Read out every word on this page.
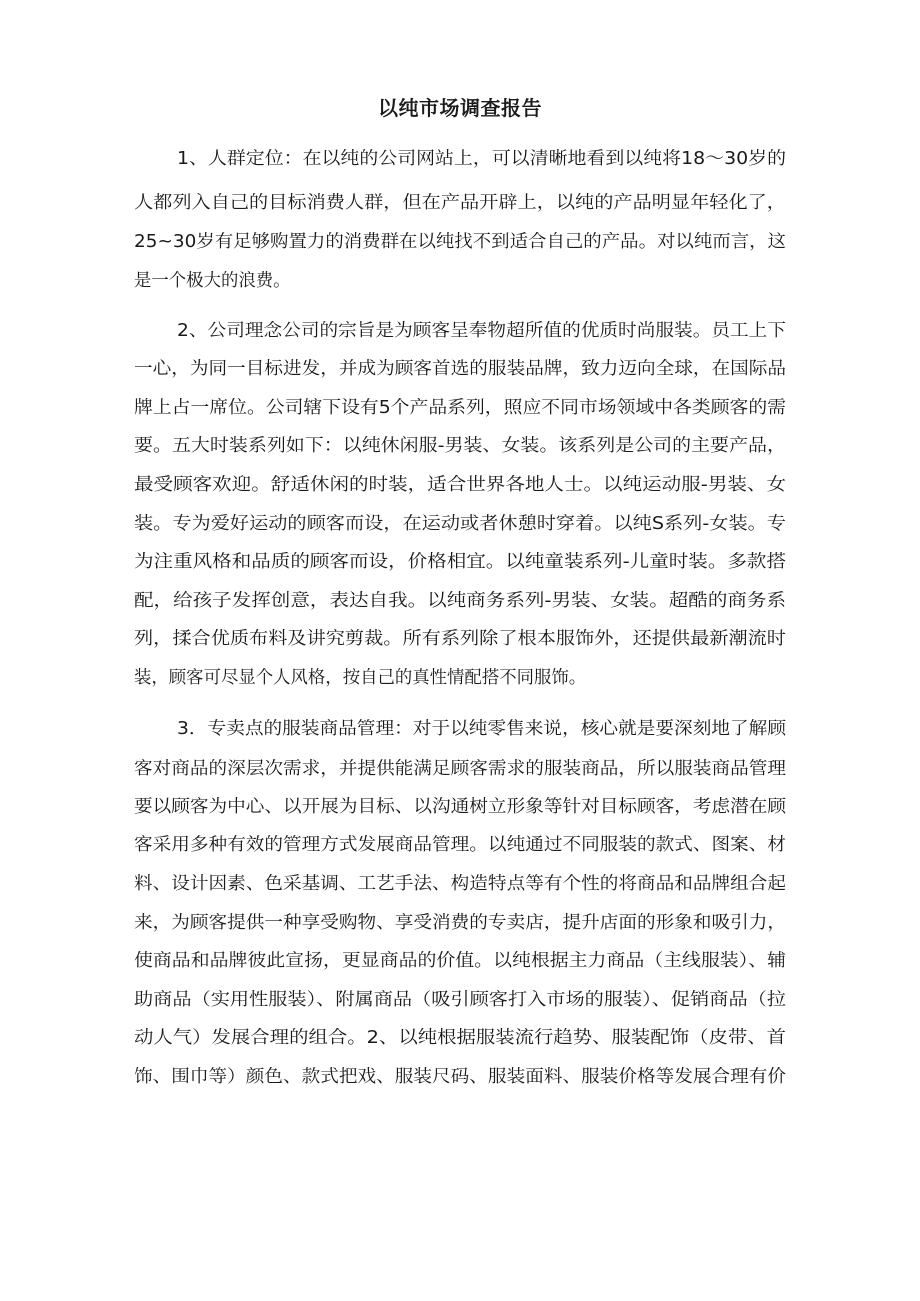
以纯市场调查报告
1、人群定位：在以纯的公司网站上，可以清晰地看到以纯将18～30岁的
人都列入自己的目标消费人群，但在产品开辟上，以纯的产品明显年轻化了，
25~30岁有足够购置力的消费群在以纯找不到适合自己的产品。对以纯而言，这
是一个极大的浪费。
2、公司理念公司的宗旨是为顾客呈奉物超所值的优质时尚服装。员工上下
一心，为同一目标进发，并成为顾客首选的服装品牌，致力迈向全球，在国际品
牌上占一席位。公司辖下设有5个产品系列，照应不同市场领域中各类顾客的需
要。五大时装系列如下：以纯休闲服-男装、女装。该系列是公司的主要产品，
最受顾客欢迎。舒适休闲的时装，适合世界各地人士。以纯运动服-男装、女
装。专为爱好运动的顾客而设，在运动或者休憩时穿着。以纯S系列-女装。专
为注重风格和品质的顾客而设，价格相宜。以纯童装系列-儿童时装。多款搭
配，给孩子发挥创意，表达自我。以纯商务系列-男装、女装。超酷的商务系
列，揉合优质布料及讲究剪裁。所有系列除了根本服饰外，还提供最新潮流时
装，顾客可尽显个人风格，按自己的真性情配搭不同服饰。
3．专卖点的服装商品管理：对于以纯零售来说，核心就是要深刻地了解顾
客对商品的深层次需求，并提供能满足顾客需求的服装商品，所以服装商品管理
要以顾客为中心、以开展为目标、以沟通树立形象等针对目标顾客，考虑潜在顾
客采用多种有效的管理方式发展商品管理。以纯通过不同服装的款式、图案、材
料、设计因素、色采基调、工艺手法、构造特点等有个性的将商品和品牌组合起
来，为顾客提供一种享受购物、享受消费的专卖店，提升店面的形象和吸引力，
使商品和品牌彼此宣扬，更显商品的价值。以纯根据主力商品（主线服装）、辅
助商品（实用性服装）、附属商品（吸引顾客打入市场的服装）、促销商品（拉
动人气）发展合理的组合。2、以纯根据服装流行趋势、服装配饰（皮带、首
饰、围巾等）颜色、款式把戏、服装尺码、服装面料、服装价格等发展合理有价
